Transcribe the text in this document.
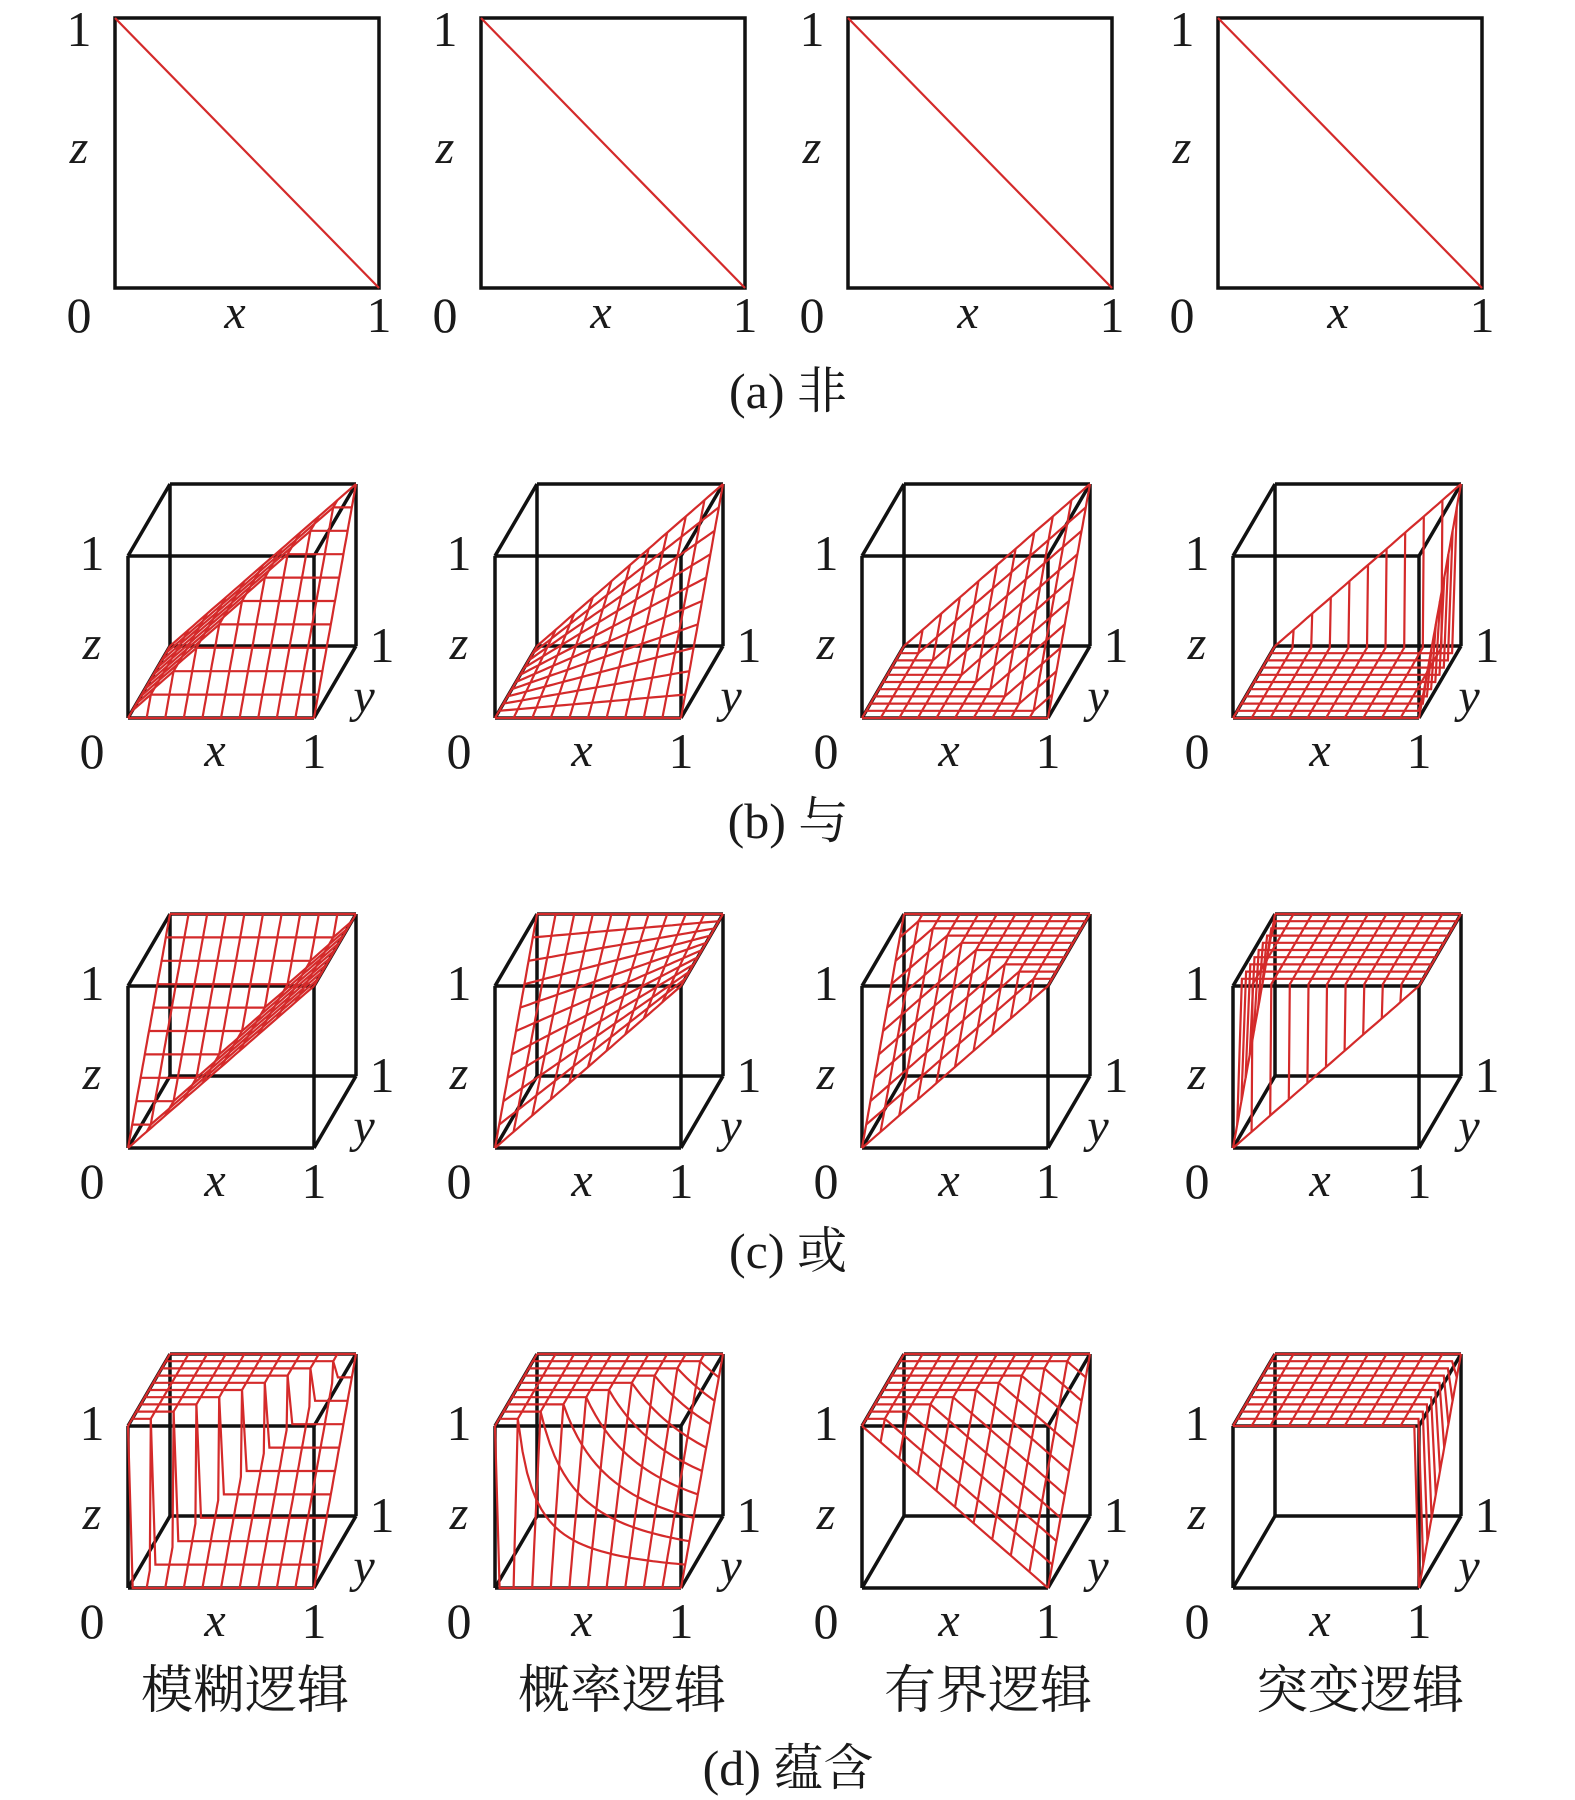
1
0	1
z
x
1
0	1
z
x
1
0	1
z
x
1
0	1
z
x
(a) 非
1
z
0 x 1
1
y
1
z
0 x 1
1
y
1
z
0 x 1
1
y
1
z
0 x 1
1
y
1
z
0 x 1
1
y
1
z
0 x 1
1
y
1
z
0 x 1
1
y
1
z
0 x 1
1
y
1
z
0 x 1
1
y
1
z
0 x 1
1
y
1
z
0 x 1
1
y
1
z
0 x 1
1
y
(b) 与
(c) 或
模糊逻辑	概率逻辑	有界逻辑	突变逻辑
(d) 蕴含
